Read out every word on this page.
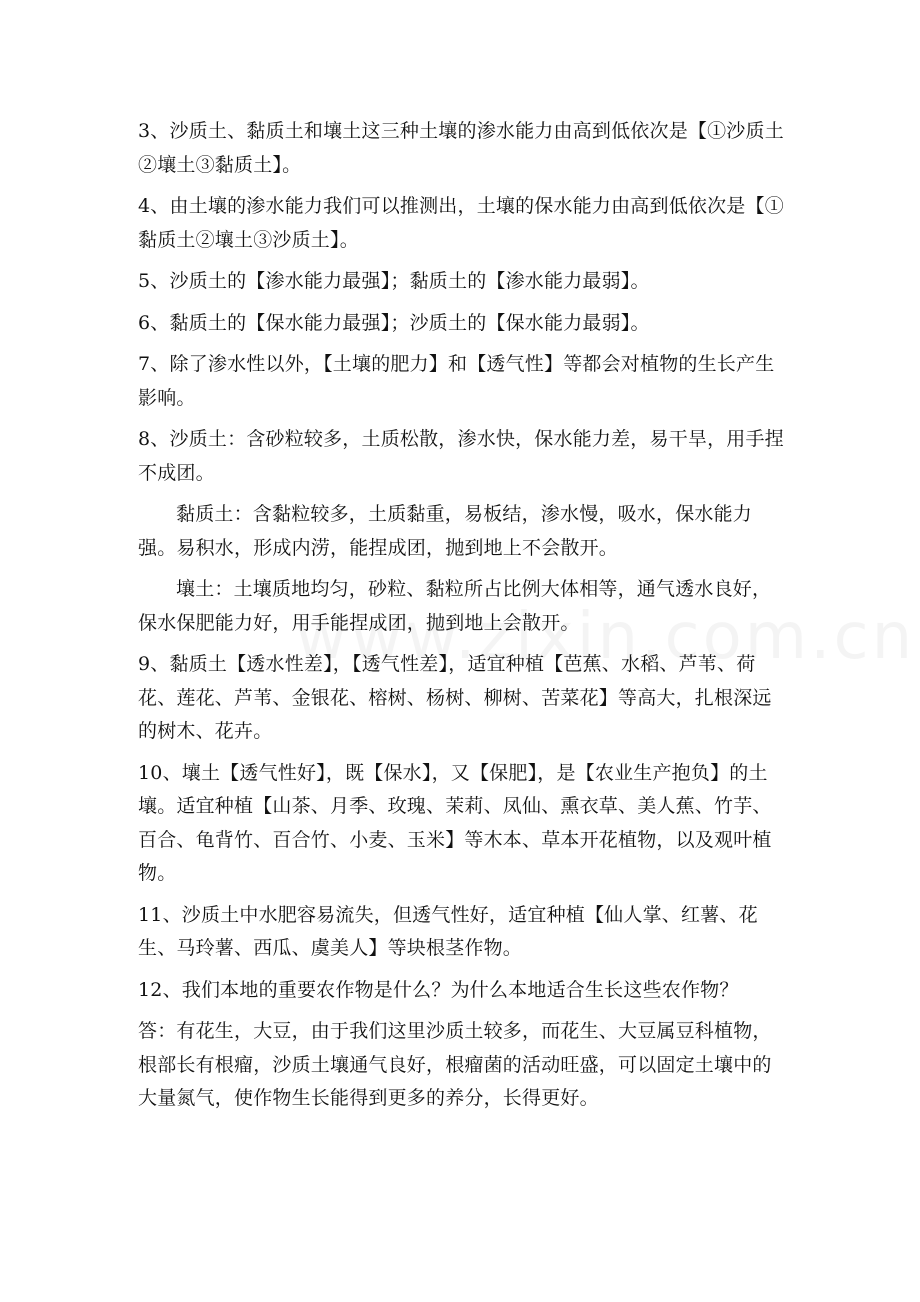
3、沙质土、黏质土和壤土这三种土壤的渗水能力由高到低依次是【①沙质土②壤土③黏质土】。

4、由土壤的渗水能力我们可以推测出，土壤的保水能力由高到低依次是【①黏质土②壤土③沙质土】。

5、沙质土的【渗水能力最强】；黏质土的【渗水能力最弱】。

6、黏质土的【保水能力最强】；沙质土的【保水能力最弱】。

7、除了渗水性以外，【土壤的肥力】和【透气性】等都会对植物的生长产生影响。

8、沙质土：含砂粒较多，土质松散，渗水快，保水能力差，易干旱，用手捏不成团。

黏质土：含黏粒较多，土质黏重，易板结，渗水慢，吸水，保水能力强。易积水，形成内涝，能捏成团，抛到地上不会散开。

壤土：土壤质地均匀，砂粒、黏粒所占比例大体相等，通气透水良好，保水保肥能力好，用手能捏成团，抛到地上会散开。

9、黏质土【透水性差】，【透气性差】，适宜种植【芭蕉、水稻、芦苇、荷花、莲花、芦苇、金银花、榕树、杨树、柳树、苦菜花】等高大，扎根深远的树木、花卉。

10、壤土【透气性好】，既【保水】，又【保肥】，是【农业生产抱负】的土壤。适宜种植【山茶、月季、玫瑰、茉莉、凤仙、熏衣草、美人蕉、竹芋、百合、龟背竹、百合竹、小麦、玉米】等木本、草本开花植物，以及观叶植物。

11、沙质土中水肥容易流失，但透气性好，适宜种植【仙人掌、红薯、花生、马玲薯、西瓜、虞美人】等块根茎作物。

12、我们本地的重要农作物是什么？为什么本地适合生长这些农作物？

答：有花生，大豆，由于我们这里沙质土较多，而花生、大豆属豆科植物，根部长有根瘤，沙质土壤通气良好，根瘤菌的活动旺盛，可以固定土壤中的大量氮气，使作物生长能得到更多的养分，长得更好。
